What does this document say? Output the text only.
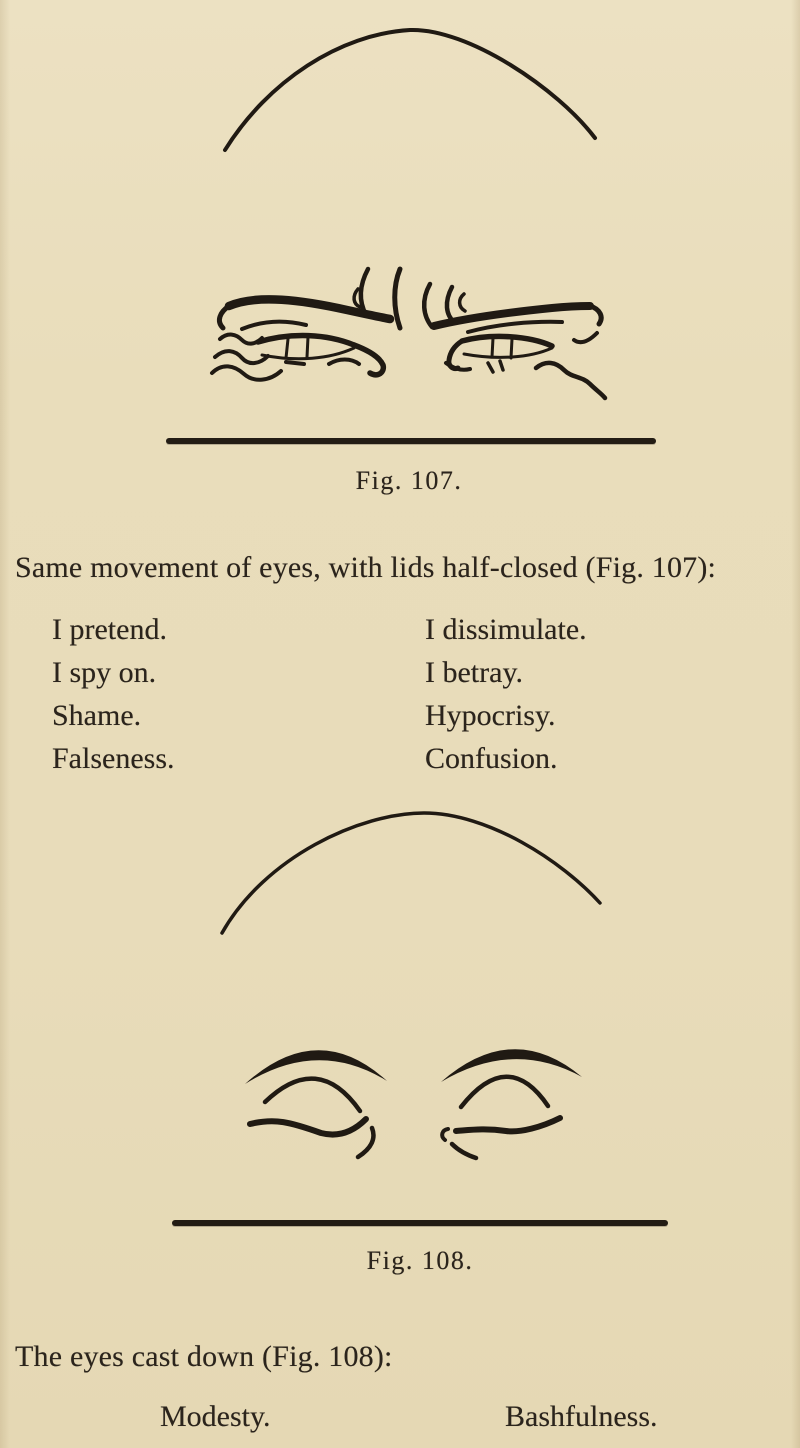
Fig. 107.
Same movement of eyes, with lids half-closed (Fig. 107):
I pretend.	I dissimulate.
I spy on.	I betray.
Shame.	Hypocrisy.
Falseness.	Confusion.
Fig. 108.
The eyes cast down (Fig. 108):
Modesty.	Bashfulness.
